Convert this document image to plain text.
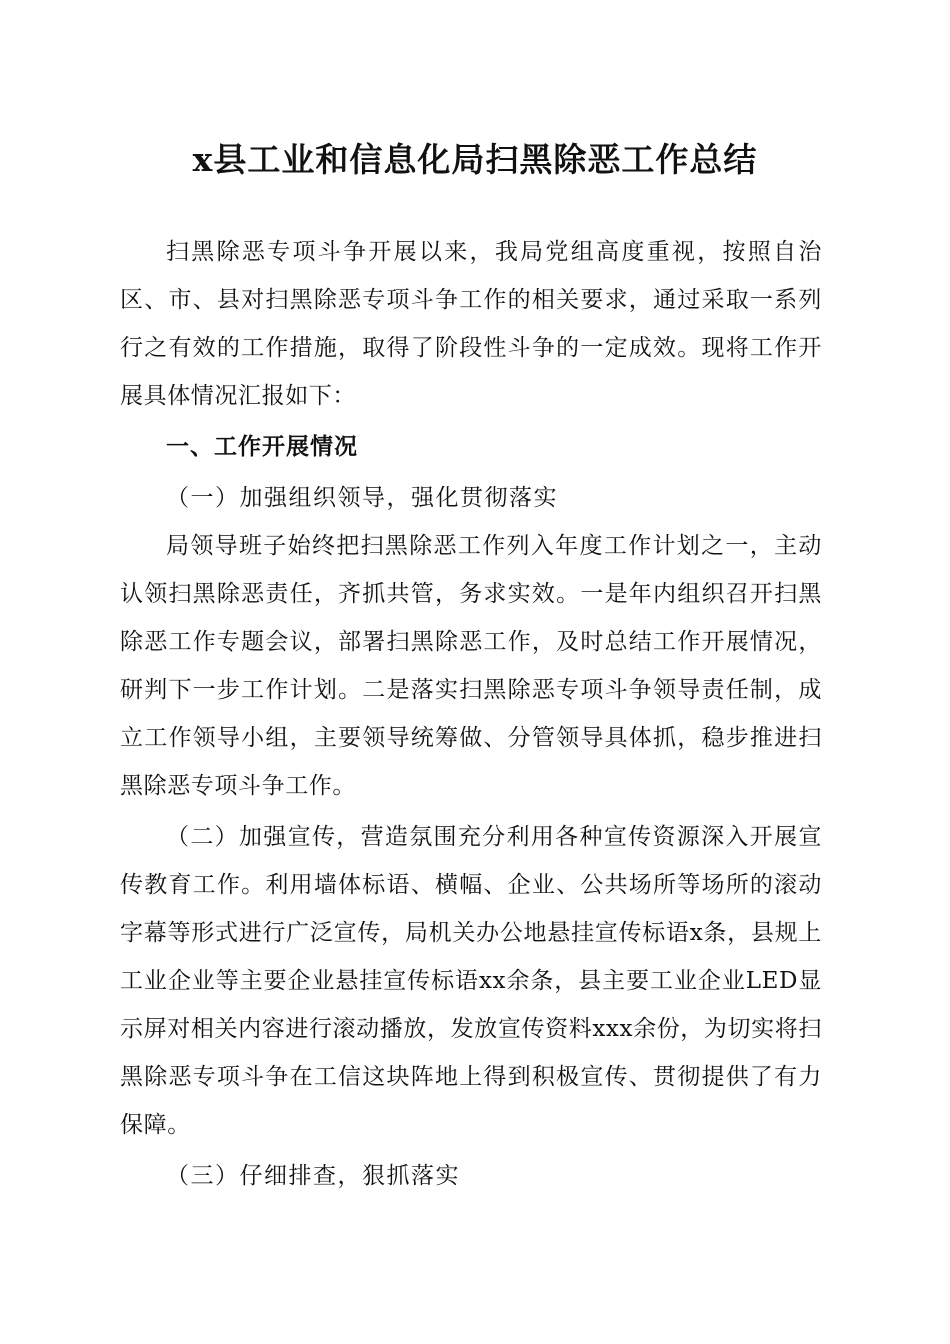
x县工业和信息化局扫黑除恶工作总结

扫黑除恶专项斗争开展以来，我局党组高度重视，按照自治区、市、县对扫黑除恶专项斗争工作的相关要求，通过采取一系列行之有效的工作措施，取得了阶段性斗争的一定成效。现将工作开展具体情况汇报如下：

一、工作开展情况

（一）加强组织领导，强化贯彻落实

局领导班子始终把扫黑除恶工作列入年度工作计划之一，主动认领扫黑除恶责任，齐抓共管，务求实效。一是年内组织召开扫黑除恶工作专题会议，部署扫黑除恶工作，及时总结工作开展情况，研判下一步工作计划。二是落实扫黑除恶专项斗争领导责任制，成立工作领导小组，主要领导统筹做、分管领导具体抓，稳步推进扫黑除恶专项斗争工作。

（二）加强宣传，营造氛围充分利用各种宣传资源深入开展宣传教育工作。利用墙体标语、横幅、企业、公共场所等场所的滚动字幕等形式进行广泛宣传，局机关办公地悬挂宣传标语x条，县规上工业企业等主要企业悬挂宣传标语xx余条，县主要工业企业LED显示屏对相关内容进行滚动播放，发放宣传资料xxx余份，为切实将扫黑除恶专项斗争在工信这块阵地上得到积极宣传、贯彻提供了有力保障。

（三）仔细排查，狠抓落实
